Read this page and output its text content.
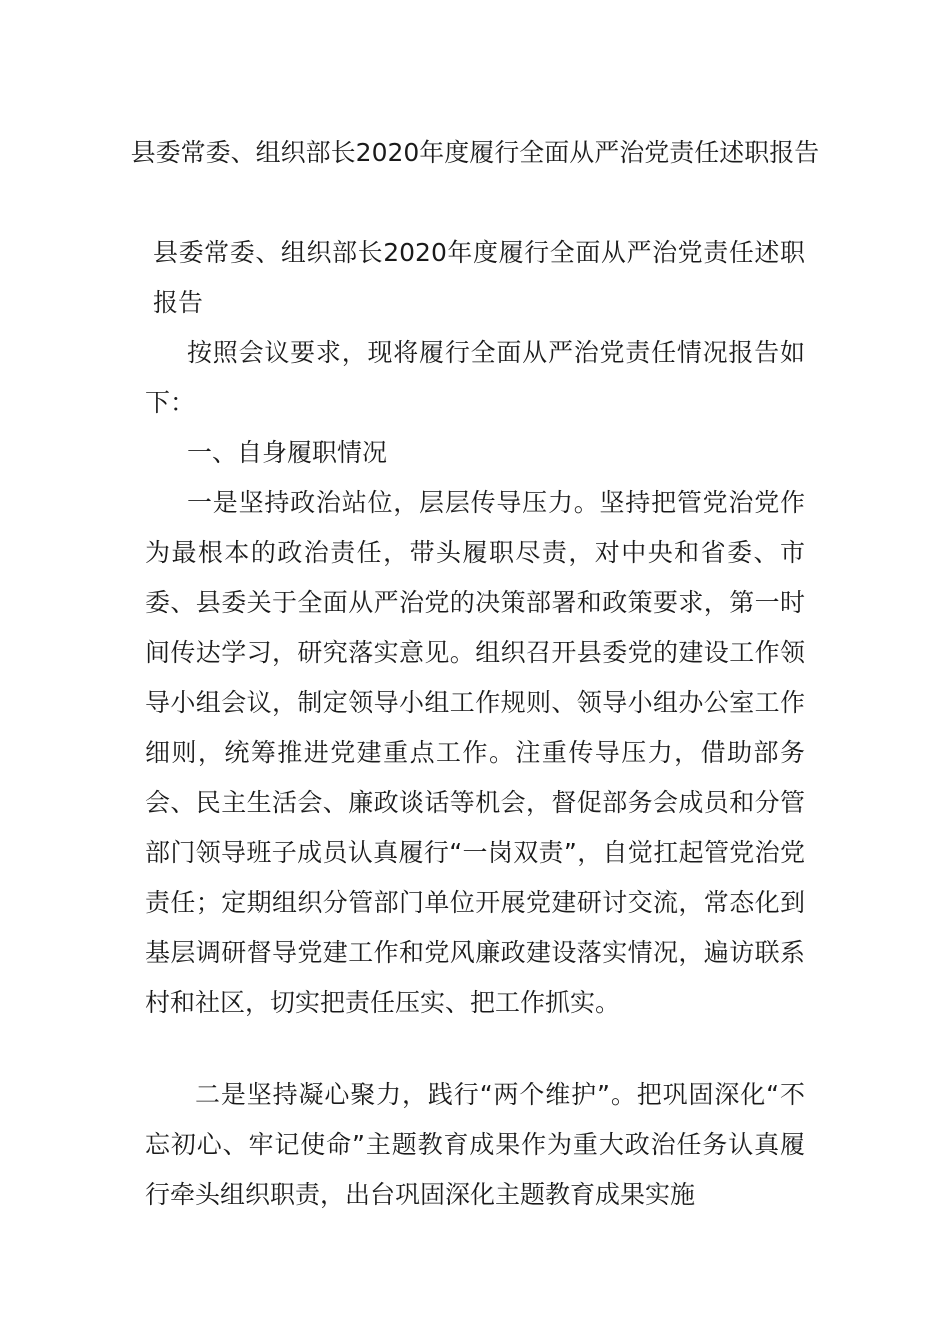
县委常委、组织部长2020年度履行全面从严治党责任述职报告

县委常委、组织部长2020年度履行全面从严治党责任述职报告

按照会议要求，现将履行全面从严治党责任情况报告如下：

一、自身履职情况

一是坚持政治站位，层层传导压力。坚持把管党治党作为最根本的政治责任，带头履职尽责，对中央和省委、市委、县委关于全面从严治党的决策部署和政策要求，第一时间传达学习，研究落实意见。组织召开县委党的建设工作领导小组会议，制定领导小组工作规则、领导小组办公室工作细则，统筹推进党建重点工作。注重传导压力，借助部务会、民主生活会、廉政谈话等机会，督促部务会成员和分管部门领导班子成员认真履行“一岗双责”，自觉扛起管党治党责任；定期组织分管部门单位开展党建研讨交流，常态化到基层调研督导党建工作和党风廉政建设落实情况，遍访联系村和社区，切实把责任压实、把工作抓实。

二是坚持凝心聚力，践行“两个维护”。把巩固深化“不忘初心、牢记使命”主题教育成果作为重大政治任务认真履行牵头组织职责，出台巩固深化主题教育成果实施
